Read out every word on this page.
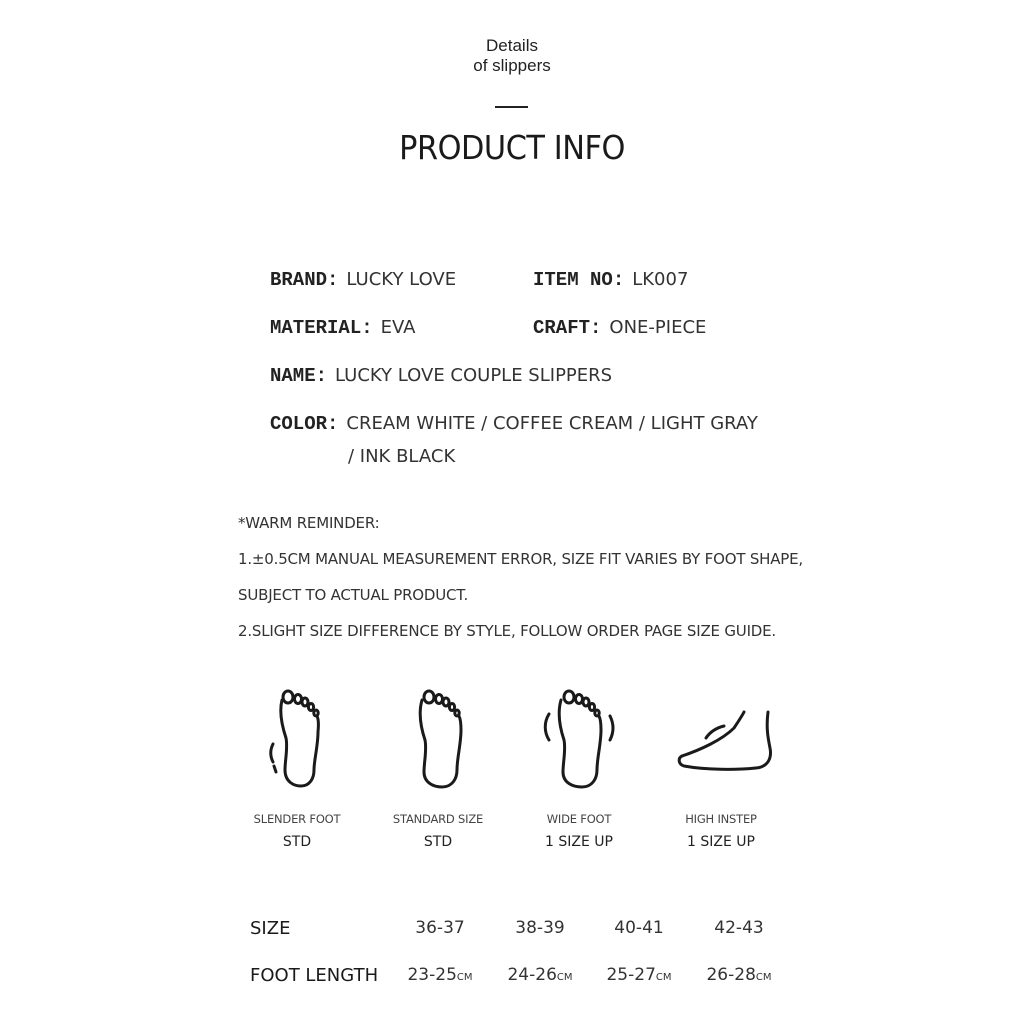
Details
of slippers
PRODUCT INFO
BRAND: LUCKY LOVE	ITEM NO: LK007
MATERIAL: EVA	CRAFT: ONE-PIECE
NAME: LUCKY LOVE COUPLE SLIPPERS
COLOR: CREAM WHITE / COFFEE CREAM / LIGHT GRAY
/ INK BLACK
*WARM REMINDER:
1.±0.5CM MANUAL MEASUREMENT ERROR, SIZE FIT VARIES BY FOOT SHAPE,
SUBJECT TO ACTUAL PRODUCT.
2.SLIGHT SIZE DIFFERENCE BY STYLE, FOLLOW ORDER PAGE SIZE GUIDE.
SLENDER FOOT
STD
STANDARD SIZE
STD
WIDE FOOT
1 SIZE UP
HIGH INSTEP
1 SIZE UP
SIZE	36-37	38-39	40-41	42-43
FOOT LENGTH	23-25CM	24-26CM	25-27CM	26-28CM
